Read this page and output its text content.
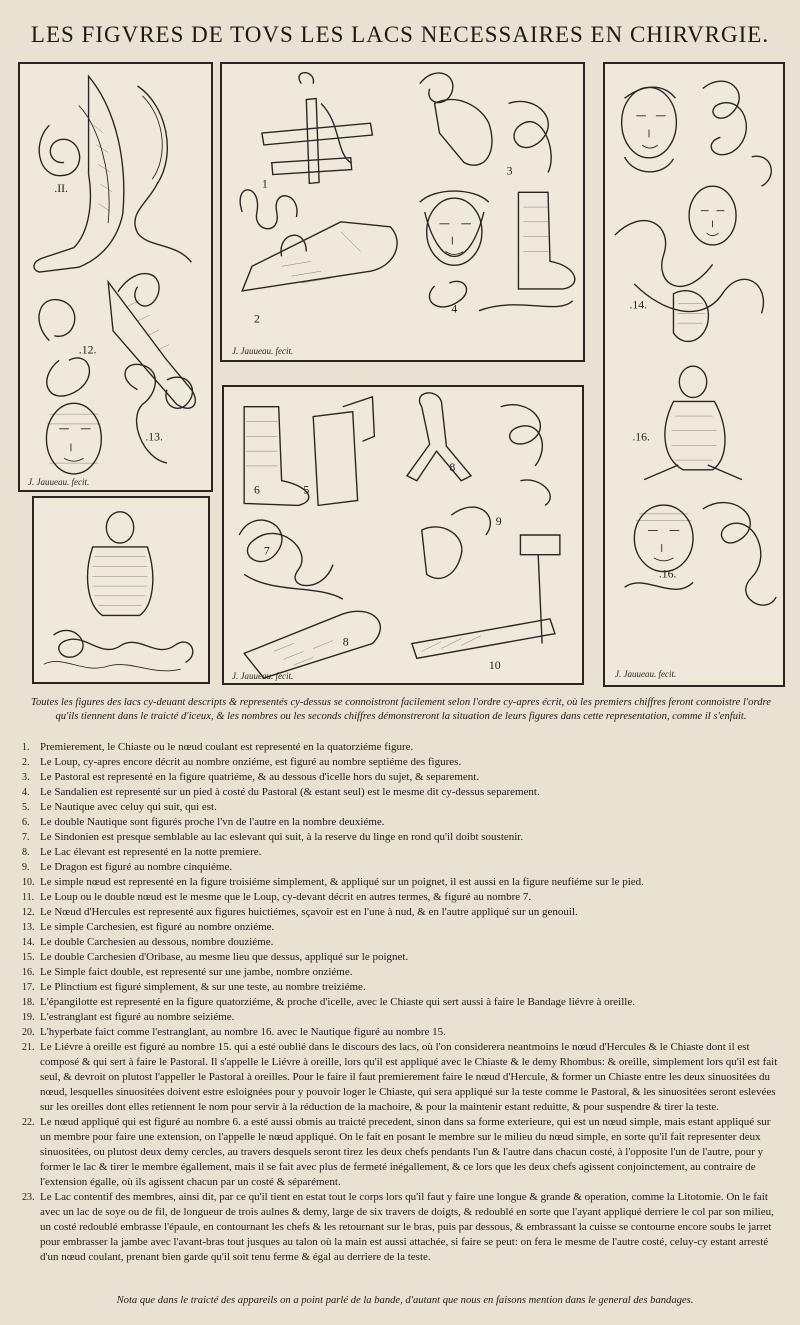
LES FIGVRES DE TOVS LES LACS NECESSAIRES EN CHIRVRGIE.
.II.
.12.
.13.
J. Jauueau. fecit.
1
2
3
4
J. Jauueau. fecit.
6	5
7
8
8
9
10
J. Jauueau. fecit.
.14.
.16.
.16.
J. Jauueau. fecit.
Toutes les figures des lacs cy-deuant descripts & representés cy-dessus se connoistront facilement selon l'ordre cy-apres écrit, où les premiers chiffres feront connoistre l'ordre qu'ils tiennent dans le traicté d'iceux, & les nombres ou les seconds chiffres démonstreront la situation de leurs figures dans cette representation, comme il s'enfuit.
1. Premierement, le Chiaste ou le nœud coulant est representé en la quatorziéme figure.
2. Le Loup, cy-apres encore décrit au nombre onziéme, est figuré au nombre septiéme des figures.
3. Le Pastoral est representé en la figure quatriéme, & au dessous d'icelle hors du sujet, & separement.
4. Le Sandalien est representé sur un pied à costé du Pastoral (& estant seul) est le mesme dit cy-dessus separement.
5. Le Nautique avec celuy qui suit, qui est.
6. Le double Nautique sont figurés proche l'vn de l'autre en la nombre deuxiéme.
7. Le Sindonien est presque semblable au lac eslevant qui suit, à la reserve du linge en rond qu'il doibt soustenir.
8. Le Lac élevant est representé en la notte premiere.
9. Le Dragon est figuré au nombre cinquiéme.
10. Le simple nœud est representé en la figure troisiéme simplement, & appliqué sur un poignet, il est aussi en la figure neufiéme sur le pied.
11. Le Loup ou le double nœud est le mesme que le Loup, cy-devant décrit en autres termes, & figuré au nombre 7.
12. Le Nœud d'Hercules est representé aux figures huictiémes, sçavoir est en l'une à nud, & en l'autre appliqué sur un genouil.
13. Le simple Carchesien, est figuré au nombre onziéme.
14. Le double Carchesien au dessous, nombre douziéme.
15. Le double Carchesien d'Oribase, au mesme lieu que dessus, appliqué sur le poignet.
16. Le Simple faict double, est representé sur une jambe, nombre onziéme.
17. Le Plinctium est figuré simplement, & sur une teste, au nombre treiziéme.
18. L'épangilotte est representé en la figure quatorziéme, & proche d'icelle, avec le Chiaste qui sert aussi à faire le Bandage liévre à oreille.
19. L'estranglant est figuré au nombre seiziéme.
20. L'hyperbate faict comme l'estranglant, au nombre 16. avec le Nautique figuré au nombre 15.
21. Le Liévre à oreille est figuré au nombre 15. qui a esté oublié dans le discours des lacs, où l'on considerera neantmoins le nœud d'Hercules & le Chiaste dont il est composé & qui sert à faire le Pastoral. Il s'appelle le Liévre à oreille, lors qu'il est appliqué avec le Chiaste & le demy Rhombus: & oreille, simplement lors qu'il est fait seul, & devroit on plutost l'appeller le Pastoral à oreilles. Pour le faire il faut premierement faire le nœud d'Hercule, & former un Chiaste entre les deux sinuositées du nœud, lesquelles sinuositées doivent estre esloignées pour y pouvoir loger le Chiaste, qui sera appliqué sur la teste comme le Pastoral, & les sinuositées seront eslevées sur les oreilles dont elles retiennent le nom pour servir à la réduction de la machoire, & pour la maintenir estant reduitte, & pour suspendre & tirer la teste.
22. Le nœud appliqué qui est figuré au nombre 6. a esté aussi obmis au traicté precedent, sinon dans sa forme exterieure, qui est un nœud simple, mais estant appliqué sur un membre pour faire une extension, on l'appelle le nœud appliqué. On le fait en posant le membre sur le milieu du nœud simple, en sorte qu'il fait representer deux sinuositées, ou plutost deux demy cercles, au travers desquels seront tirez les deux chefs pendants l'un & l'autre dans chacun costé, à l'opposite l'un de l'autre, pour y former le lac & tirer le membre égallement, mais il se fait avec plus de fermeté inégallement, & ce lors que les deux chefs agissent conjoinctement, au contraire de l'extension égalle, où ils agissent chacun par un costé & séparément.
23. Le Lac contentif des membres, ainsi dit, par ce qu'il tient en estat tout le corps lors qu'il faut y faire une longue & grande & operation, comme la Litotomie. On le fait avec un lac de soye ou de fil, de longueur de trois aulnes & demy, large de six travers de doigts, & redoublé en sorte que l'ayant appliqué derriere le col par son milieu, un costé redoublé embrasse l'épaule, en contournant les chefs & les retournant sur le bras, puis par dessous, & embrassant la cuisse se contourne encore soubs le jarret pour embrasser la jambe avec l'avant-bras tout jusques au talon où la main est aussi attachée, si faire se peut: on fera le mesme de l'autre costé, celuy-cy estant arresté d'un nœud coulant, prenant bien garde qu'il soit tenu ferme & égal au derriere de la teste.
Nota que dans le traicté des appareils on a point parlé de la bande, d'autant que nous en faisons mention dans le general des bandages.
